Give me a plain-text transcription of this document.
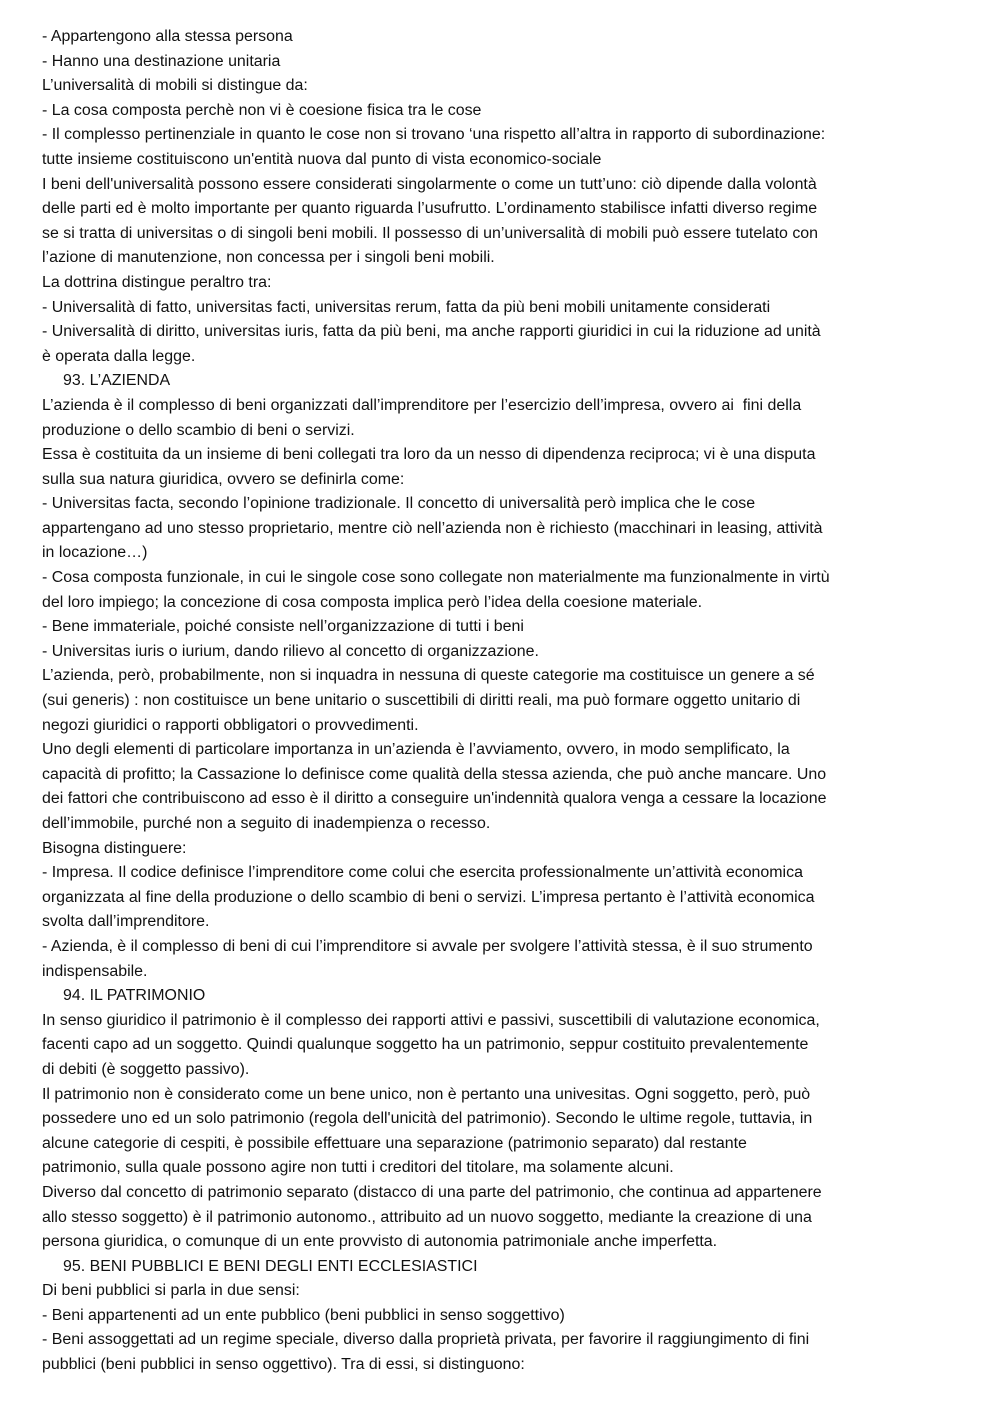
- Appartengono alla stessa persona
- Hanno una destinazione unitaria
L’universalità di mobili si distingue da:
- La cosa composta perchè non vi è coesione fisica tra le cose
- Il complesso pertinenziale in quanto le cose non si trovano ‘una rispetto all’altra in rapporto di subordinazione:
tutte insieme costituiscono un'entità nuova dal punto di vista economico-sociale
I beni dell'universalità possono essere considerati singolarmente o come un tutt’uno: ciò dipende dalla volontà
delle parti ed è molto importante per quanto riguarda l’usufrutto. L’ordinamento stabilisce infatti diverso regime
se si tratta di universitas o di singoli beni mobili. Il possesso di un’universalità di mobili può essere tutelato con
l’azione di manutenzione, non concessa per i singoli beni mobili.
La dottrina distingue peraltro tra:
- Universalità di fatto, universitas facti, universitas rerum, fatta da più beni mobili unitamente considerati
- Universalità di diritto, universitas iuris, fatta da più beni, ma anche rapporti giuridici in cui la riduzione ad unità
è operata dalla legge.
93. L’AZIENDA
L’azienda è il complesso di beni organizzati dall’imprenditore per l’esercizio dell’impresa, ovvero ai  fini della
produzione o dello scambio di beni o servizi.
Essa è costituita da un insieme di beni collegati tra loro da un nesso di dipendenza reciproca; vi è una disputa
sulla sua natura giuridica, ovvero se definirla come:
- Universitas facta, secondo l’opinione tradizionale. Il concetto di universalità però implica che le cose
appartengano ad uno stesso proprietario, mentre ciò nell’azienda non è richiesto (macchinari in leasing, attività
in locazione…)
- Cosa composta funzionale, in cui le singole cose sono collegate non materialmente ma funzionalmente in virtù
del loro impiego; la concezione di cosa composta implica però l’idea della coesione materiale.
- Bene immateriale, poiché consiste nell’organizzazione di tutti i beni
- Universitas iuris o iurium, dando rilievo al concetto di organizzazione.
L’azienda, però, probabilmente, non si inquadra in nessuna di queste categorie ma costituisce un genere a sé
(sui generis) : non costituisce un bene unitario o suscettibili di diritti reali, ma può formare oggetto unitario di
negozi giuridici o rapporti obbligatori o provvedimenti.
Uno degli elementi di particolare importanza in un’azienda è l’avviamento, ovvero, in modo semplificato, la
capacità di profitto; la Cassazione lo definisce come qualità della stessa azienda, che può anche mancare. Uno
dei fattori che contribuiscono ad esso è il diritto a conseguire un'indennità qualora venga a cessare la locazione
dell’immobile, purché non a seguito di inadempienza o recesso.
Bisogna distinguere:
- Impresa. Il codice definisce l’imprenditore come colui che esercita professionalmente un’attività economica
organizzata al fine della produzione o dello scambio di beni o servizi. L’impresa pertanto è l’attività economica
svolta dall’imprenditore.
- Azienda, è il complesso di beni di cui l’imprenditore si avvale per svolgere l’attività stessa, è il suo strumento
indispensabile.
94. IL PATRIMONIO
In senso giuridico il patrimonio è il complesso dei rapporti attivi e passivi, suscettibili di valutazione economica,
facenti capo ad un soggetto. Quindi qualunque soggetto ha un patrimonio, seppur costituito prevalentemente
di debiti (è soggetto passivo).
Il patrimonio non è considerato come un bene unico, non è pertanto una univesitas. Ogni soggetto, però, può
possedere uno ed un solo patrimonio (regola dell'unicità del patrimonio). Secondo le ultime regole, tuttavia, in
alcune categorie di cespiti, è possibile effettuare una separazione (patrimonio separato) dal restante
patrimonio, sulla quale possono agire non tutti i creditori del titolare, ma solamente alcuni.
Diverso dal concetto di patrimonio separato (distacco di una parte del patrimonio, che continua ad appartenere
allo stesso soggetto) è il patrimonio autonomo., attribuito ad un nuovo soggetto, mediante la creazione di una
persona giuridica, o comunque di un ente provvisto di autonomia patrimoniale anche imperfetta.
95. BENI PUBBLICI E BENI DEGLI ENTI ECCLESIASTICI
Di beni pubblici si parla in due sensi:
- Beni appartenenti ad un ente pubblico (beni pubblici in senso soggettivo)
- Beni assoggettati ad un regime speciale, diverso dalla proprietà privata, per favorire il raggiungimento di fini
pubblici (beni pubblici in senso oggettivo). Tra di essi, si distinguono:
